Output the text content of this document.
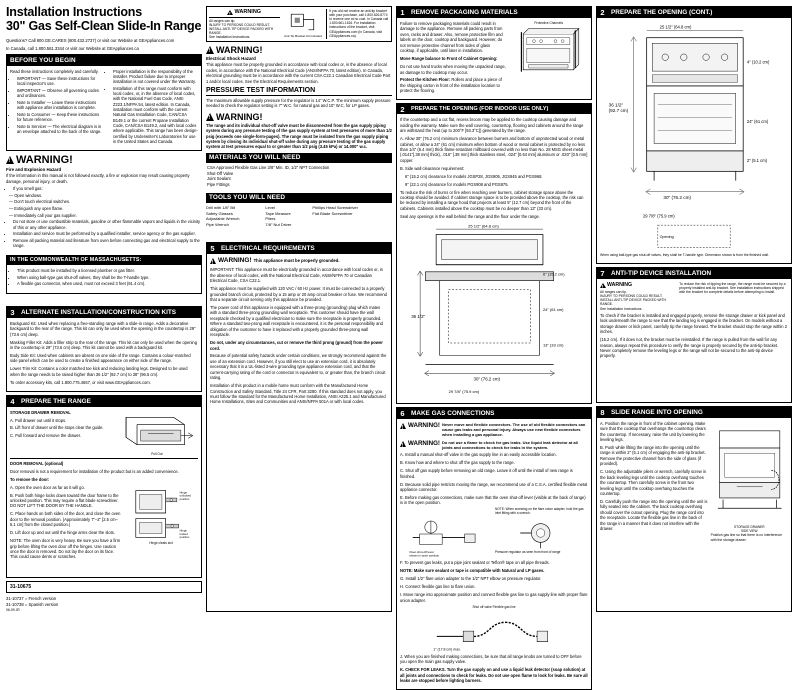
Installation Instructions
30" Gas Self-Clean Slide-In Range
Questions? Call 800.GE.CARES (800.432.2737) or visit our Website at GEAppliances.com
In Canada, call 1.800.561.3344 or visit our Website at GEAppliances.ca
BEFORE YOU BEGIN

Read these instructions completely and carefully.

• IMPORTANT — Save these instructions for local inspector's use.
• IMPORTANT — Observe all governing codes and ordinances.
• Note to Installer — Leave these instructions with appliance after installation is complete.
• Note to Consumer — Keep these instructions for future reference.
• Note to Servicer — The electrical diagram is in an envelope attached to the back of the range.
• Proper installation is the responsibility of the installer. Product failure due to improper installation is not covered under the Warranty.
• Installation of this range must conform with local codes, or, in the absence of local codes, with the National Fuel Gas Code, ANSI Z223.1/NFPA 54, latest edition. In Canada, installation must conform with the current Natural Gas Installation Code, CAN/CSA B149.1 or the current Propane Installation Code, CAN/CSA B149.2, and with local codes where applicable. This range has been design-certified by Underwriter's Laboratories for use in the United States and Canada.
!
WARNING!
Fire and Explosion Hazard
If the information in this manual is not followed exactly, a fire or explosion may result causing property damage, personal injury, or death.
• If you smell gas:
— Open windows.
— Don't touch electrical switches.
— Extinguish any open flame.
— Immediately call your gas supplier.
• Do not store or use combustible materials, gasoline or other flammable vapors and liquids in the vicinity of this or any other appliance.
• Installation and service must be performed by a qualified installer, service agency or the gas supplier.
• Remove all packing material and literature from oven before connecting gas and electrical supply to the range.
IN THE COMMONWEALTH OF MASSACHUSETTS:
• This product must be installed by a licensed plumber or gas fitter.
• When using ball-type gas shut-off valves, they shall be the T-handle type.
• A flexible gas connector, when used, must not exceed 3 feet (91.4 cm).
3	ALTERNATE INSTALLATION/CONSTRUCTION KITS

Backguard Kit: Used when replacing a free-standing range with a slide-in range. Adds a decorative backguard to the rear of the range. This kit can only be used when the opening in the countertop is 29" (73.6 cm) deep.

Masking Filler Kit: Adds a filler strip to the rear of the range. This kit can only be used when the opening in the countertop is 29" (73.6 cm) deep. This kit cannot be used with a backguard kit.

Body Side Kit: Used when cabinets are absent on one side of the range. Contains a colour-matched side panel which can be used to create a finished appearance on either side of the range.

Lower Trim Kit: Contains a color matched toe kick and reducing landing legs. Designed to be used when the range needs to be raised higher than 36 1/2" (92.7 cm) to 38" (96.5 cm).

To order accessory kits, call 1.800.775.4657, or visit www.GEAppliances.com.

4	PREPARE THE RANGE

STORAGE DRAWER REMOVAL

A. Pull drawer out until it stops.

B. Lift front of drawer until the stops clear the guide.

C. Pull forward and remove the drawer.

Pull Out

DOOR REMOVAL (optional)

Door removal is not a requirement for installation of the product but is an added convenience.

To remove the door:

A. Open the oven door as far as it will go.

B. Push both hinge locks down toward the door frame to the unlocked position. This may require a flat blade screwdriver. DO NOT LIFT THE DOOR BY THE HANDLE.

C. Place hands on both sides of the door, and close the oven door to the removal position. (Approximately 7"–2" [2.5 cm–5.1 cm] from the closed position.)

D. Lift door up and out until the hinge arms clear the slots.

NOTE: The oven door is very heavy. Be sure you have a firm grip before lifting the oven door off the hinges. Use caution once the door is removed. Do not lay the door on its face. This could cause dents or scratches.

Hinge
unlocked
position
Hinge
locked
position
Hinge cleats slot
31-10675
31-10737 = French version
31-10738 = Spanish version
06-09 JR
!
WARNING
All ranges can tip.
INJURY TO PERSONS COULD RESULT.
INSTALL ANTI-TIP DEVICE PACKED WITH RANGE.
See Installation Instructions.	Anti-Tip Bracket Kit Included
If you did not receive an anti-tip bracket with your purchase, call 1.800.626.8774 to receive one at no cost. In Canada call 1.800.661.1616. For installation instructions of the bracket, visit GEAppliances.com (In Canada, visit GEAppliances.ca).
!
WARNING!
Electrical Shock Hazard
This appliance must be properly grounded in accordance with local codes or, in the absence of local codes, in accordance with the National Electrical Code (ANSI/NFPA 70, latest edition). In Canada, electrical grounding must be in accordance with the current CSA C22.1 Canadian Electrical Code Part 1 and/or local codes. See the Electrical Requirements section.
PRESSURE TEST INFORMATION
The maximum allowable supply pressure for the regulator is 14" W.C.P. The minimum supply pressure needed to check the regulator setting is 7" W.C. for natural gas and 10" W.C. for LP gases.
!
WARNING!
The range and its individual shut-off valve must be disconnected from the gas supply piping system during any pressure testing of the gas supply system at test pressures of more than 1/2 psig (exceeds one single-form-pages). The range must be isolated from the gas supply piping system by closing its individual shut-off valve during any pressure testing of the gas supply system at test pressures equal to or greater than 1/2 psig (3.45 kPa) or 14.000" w.c.
MATERIALS YOU WILL NEED
CSA Approved Flexible Gas Line 3/8" Min. ID, 1/2" NPT Connection
Shut-Off Valve
Joint Sealant
Pipe Fittings
TOOLS YOU WILL NEED
Drill with 1/8" Bit	Level	Phillips Head Screwdriver
Safety Glasses	Tape Measure	Flat Blade Screwdriver
Adjustable Wrench	Pliers	
Pipe Wrench	7/8" Nut Driver	
5	ELECTRICAL REQUIREMENTS
!
WARNING! This appliance must be properly grounded.

IMPORTANT: This appliance must be electrically grounded in accordance with local codes or, in the absence of local codes, with the National Electrical Code, ANSI/NFPA 70 or Canadian Electrical Code, CSA C22.1.

This appliance must be supplied with 120 VAC / 60 Hz power. It must be connected to a properly grounded branch circuit, protected by a 15 amp or 20 amp circuit breaker or fuse. We recommend that a separate circuit serving only this appliance be provided.

The power cord of this appliance is equipped with a three-prong (grounding) plug which mates with a standard three-prong grounding wall receptacle. This customer should have the wall receptacle checked by a qualified electrician to make sure the receptacle is properly grounded. Where a standard two-prong wall receptacle is encountered, it is the personal responsibility and obligation of the customer to have it replaced with a properly grounded three-prong wall receptacle.

Do not, under any circumstances, cut or remove the third prong (ground) from the power cord.

Because of potential safety hazards under certain conditions, we strongly recommend against the use of an extension cord. However, if you still elect to use an extension cord, it is absolutely necessary that it is a UL-listed 3-wire grounding type appliance extension cord, and that the current-carrying rating of the cord or connector is equivalent to, or greater than, the branch circuit rating.

Installation of this product in a mobile home must conform with the Manufactured Home Construction and Safety Standard, Title 24 CFR, Part 3280. If this standard does not apply, you must follow the standard for the Manufactured Home Installation, ANSI A225.1 and Manufactured Home Installations, Sites and Communities and ANSI/NFPA 501A or with local codes.

1	REMOVE PACKAGING MATERIALS

Failure to remove packaging materials could result in damage to the appliance. Remove all packing parts from oven, racks and drawer. Also, remove protective film and labels on the door, cooktop and backguard. However, do not remove protective channel from sides of glass cooktop, if applicable, until later in installation.

Move Range balance to Front of Cabinet Opening:

Do not use hand trucks when moving the unpacked range, as damage to the cooktop may occur.

Protect the Kitchen Floor: Rollers and place a piece of the shipping carton in front of the installation location to protect the flooring.

Protective Channels
2	PREPARE THE OPENING (FOR INDOOR USE ONLY)

If the countertop and a cut flat, recess broom may be applied to the cooktop causing damage and voiding the warranty. Make sure the wall covering, countertop, flooring and cabinets around the range are withstand the heat (up to 200°F [93.3°C]) generated by the range.

A. Allow 30" (76.2 cm) minimum clearance between burners and bottom of unprotected wood or metal cabinet, or allow a 24" (61 cm) minimum when bottom of wood or metal cabinet is protected by no less than 1/4" (6.4 mm) thick flame-retardant millboard covered with no less than No. 28 MSG sheet metal (.0141"[.38 mm] thick), .016" [.38 mm] thick stainless steel, .024" [0.64 mm] aluminum or .020" [0.5 mm] copper.

B. Side wall clearance requirement:

6" (15.2 cm) clearance for models JGSP28, JGS905, JGS945 and PGS968.

9" (22.1 cm) clearance for models PGS908 and PGS975.

To reduce the risk of burns or fire when reaching over burners, cabinet storage space above the cooktop should be avoided. If cabinet storage space is to be provided above the cooktop, the risk can be reduced by installing a range hood that projects at least 5" (12.7 cm) beyond the front of the cabinets. Cabinets installed above the cooktop must be no deeper than 13" (33 cm).

Seal any openings in the wall behind the range and the floor under the range.

36 1/2"
30" (76.2 cm)
25 1/2" (64.8 cm)
24" (61 cm)
13" (33 cm)
6" (15.2 cm)
29 7/8" (75.9 cm)
6	MAKE GAS CONNECTIONS
!
WARNING! Never move and flexible connectors. The use of old flexible connectors can cause gas leaks and personal injury. Always use new flexible connectors when installing a gas appliance.
!
WARNING! Do not use a flame to check for gas leaks. Use liquid leak detector at all joints and connections to check for leaks in the system.

A. Install a manual shut-off valve in the gas supply line in an easily accessible location.

B. Know how and where to shut off the gas supply to the range.

C. Shut off gas supply before removing an old range. Leave it off until the install of new range is finished.

D. Because solid pipe restricts moving the range, we recommend use of a C.S.A. certified flexible metal appliance connector.

E. Before making gas connections, make sure that the oven shut-off lever (visible at the back of range) is in the open position.

Oven shut-off lever
shown in open position
NOTE: When screwing on the flare union adapter, hold the gas inlet fitting with a wrench.
Pressure regulator as seen from front of range

F. To prevent gas leaks, put a pipe joint sealant or Teflon® tape on all pipe threads.

NOTE: Make sure sealant or tape is compatible with Natural and LP gases.

G. Install 1/2" flare union adapter to the 1/2" NPT elbow on pressure regulator.

H. Connect flexible gas line to flare union.

I. Move range into approximate position and connect flexible gas line to gas supply line with proper flare union adapter.

Shut off valve Flexible gas line
1" (17.8 cm) max.

J. When you are finished making connections, be sure that all range knobs are turned to OFF before you open the main gas supply valve.

K. CHECK FOR LEAKS. Turn the gas supply on and use a liquid leak detector (soap solution) at all joints and connections to check for leaks. Do not use open flame to look for leaks. Be sure all leaks are stopped before lighting burners.

2	PREPARE THE OPENING (CONT.)
36 1/2"
(92.7 cm)
30" (76.2 cm)
25 1/2" (64.8 cm)
4" (10.2 cm)
24" (61 cm)
2" (5.1 cm)
29 7/8" (75.9 cm)
Opening

When using ball-type gas shut-off valves, they shall be T-handle type. Dimension shown is from the finished wall.

7	ANTI-TIP DEVICE INSTALLATION
!
WARNING
All ranges can tip.
INJURY TO PERSONS COULD RESULT.
INSTALL ANTI-TIP DEVICE PACKED WITH RANGE.
See Installation Instructions.
To reduce the risk of tipping the range, the range must be secured by a properly installed anti-tip bracket. See installation instructions shipped with the bracket for complete details before attempting to install.

To check if the bracket is installed and engaged properly, remove the storage drawer or kick panel and look underneath the range to see that the landing leg is engaged in the bracket. On models without a storage drawer or kick panel, carefully tip the range forward. The bracket should stop the range within 2 inches.

(15.2 cm). If it does not, the bracket must be reinstalled. If the range is pulled from the wall for any reason, always repeat this procedure to verify the range is properly secured by the anti-tip bracket. Never completely remove the leveling legs or the range will not be secured to the anti-tip device properly.

8	SLIDE RANGE INTO OPENING

A. Position the range in front of the cabinet opening. Make sure that the cooktop that overhangs the countertop clears the countertop. If necessary, raise the unit by lowering the leveling legs.

B. Push while lifting the range into the opening until the range is within 2" (5.1 cm) of engaging the anti-tip bracket. Remove the protective channel from the side of glass (if provided).

C. Using the adjustable pliers or wrench, carefully screw in the back leveling legs until the cooktop overhang touches the countertop. Then carefully screw in the front two leveling legs until the cooktop overhang touches the countertop.

D. Carefully push the range into the opening until the unit is fully seated into the cabinet. The back cooktop overhang should cover the cutout opening. Plug the range cord into the receptacle. Locate the flexible gas line in the back of the range in a manner that it does not interfere with the drawer.	STORAGE DRAWER
SIDE VIEW
Position gas line so that there is no interference with the storage drawer.
